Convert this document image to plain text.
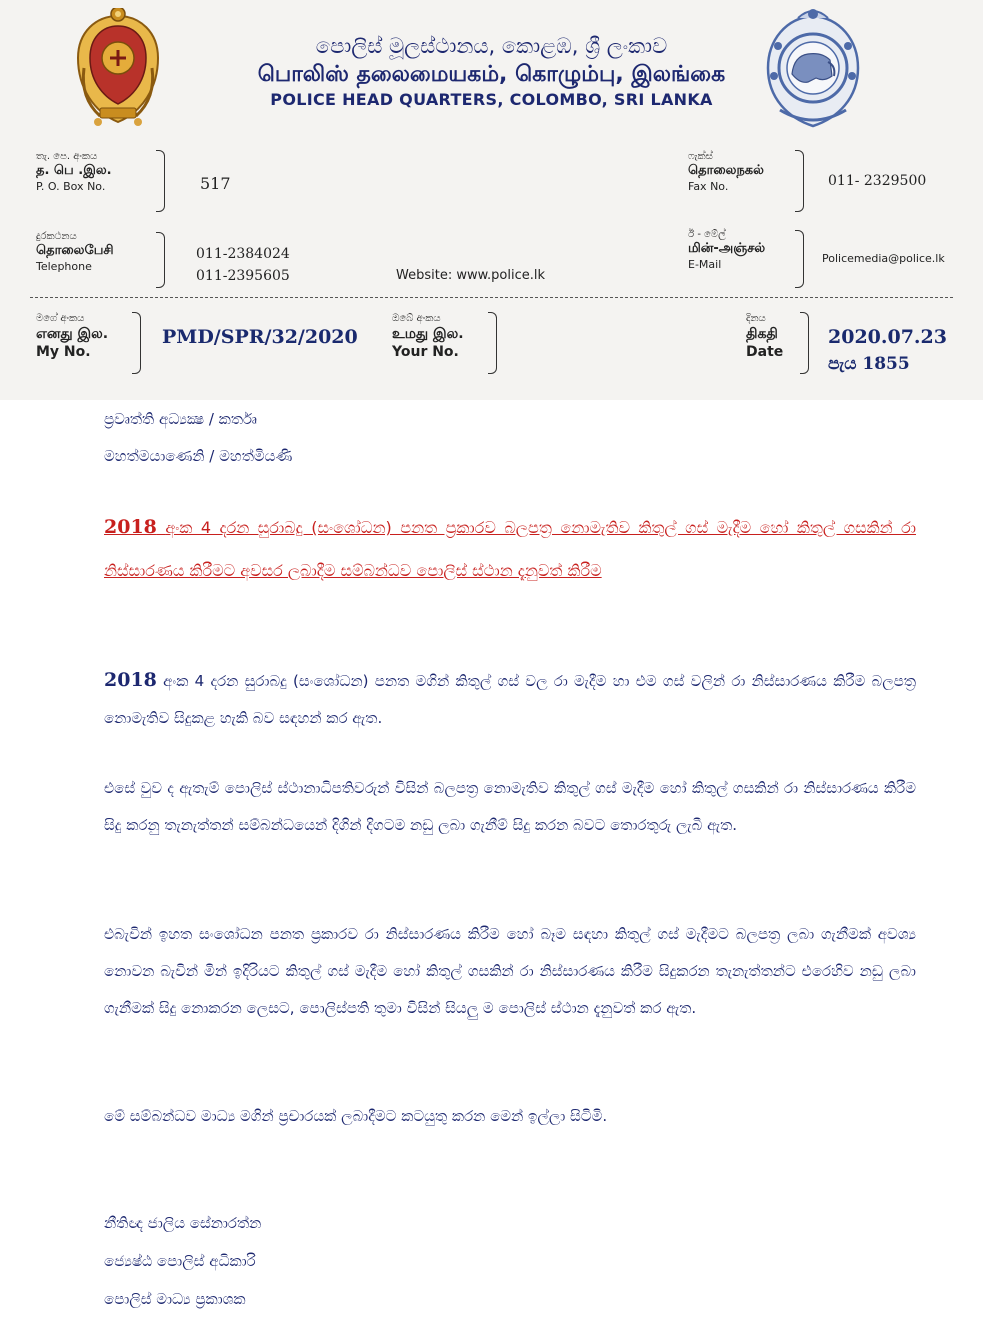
පොලිස් මූලස්ථානය, කොළඹ, ශ්‍රී ලංකාව
பொலிஸ் தலைமையகம், கொழும்பு, இலங்கை
POLICE HEAD QUARTERS, COLOMBO, SRI LANKA
තැ. පෙ. අංකය
த. பெ .இல.
P. O. Box No.	517
ෆැක්ස්
தொலைநகல்
Fax No.	011- 2329500
දුරකථනය
தொலைபேசி
Telephone
011-2384024
011-2395605	Website: www.police.lk
ඊ - මේල්
மின்-அஞ்சல்
E-Mail	Policemedia@police.lk
මගේ අංකය
எனது இல.
My No.
PMD/SPR/32/2020
ඔබේ අංකය
உமது இல.
Your No.
දිනය
திகதி
Date
2020.07.23
පැය 1855
ප්‍රවෘත්ති අධ්‍යක්‍ෂ / කර්තෘ
මහත්මයාණෙනි / මහත්මියණි
2018 අංක 4 දරන සුරාබදු (සංශෝධන) පනත ප්‍රකාරව බලපත්‍ර නොමැතිව කිතුල් ගස් මැදීම හෝ කිතුල් ගසකින් රා නිස්සාරණය කිරීමට අවසර ලබාදීම සම්බන්ධව පොලිස් ස්ථාන දැනුවත් කිරීම
2018 අංක 4 දරන සුරාබදු (සංශෝධන) පනත මගින් කිතුල් ගස් වල රා මැදීම හා එම ගස් වලින් රා නිස්සාරණය කිරීම බලපත්‍ර නොමැතිව සිදුකළ හැකි බව සඳහන් කර ඇත.
එසේ වුව ද ඇතැම් පොලිස් ස්ථානාධිපතිවරුන් විසින් බලපත්‍ර නොමැතිව කිතුල් ගස් මැදීම හෝ කිතුල් ගසකින් රා නිස්සාරණය කිරීම සිදු කරනු තැනැත්තන් සම්බන්ධයෙන් දිගින් දිගටම නඩු ලබා ගැනීම් සිදු කරන බවට තොරතුරු ලැබී ඇත.
එබැවින් ඉහත සංශෝධන පනත ප්‍රකාරව රා නිස්සාරණය කිරීම හෝ බෑම සඳහා කිතුල් ගස් මැදීමට බලපත්‍ර ලබා ගැනීමක් අවශ්‍ය නොවන බැවින් මින් ඉදිරියට කිතුල් ගස් මැදීම හෝ කිතුල් ගසකින් රා නිස්සාරණය කිරීම සිදුකරන තැනැත්තන්ට එරෙහිව නඩු ලබා ගැනීමක් සිදු නොකරන ලෙසට, පොලිස්පති තුමා විසින් සියලු ම පොලිස් ස්ථාන දැනුවත් කර ඇත.
මේ සම්බන්ධව මාධ්‍ය මගින් ප්‍රචාරයක් ලබාදීමට කටයුතු කරන මෙන් ඉල්ලා සිටිමි.
නීතිඥ ජාලිය සේනාරත්න
ජ්‍යෙෂ්ඨ පොලිස් අධිකාරි
පොලිස් මාධ්‍ය ප්‍රකාශක
